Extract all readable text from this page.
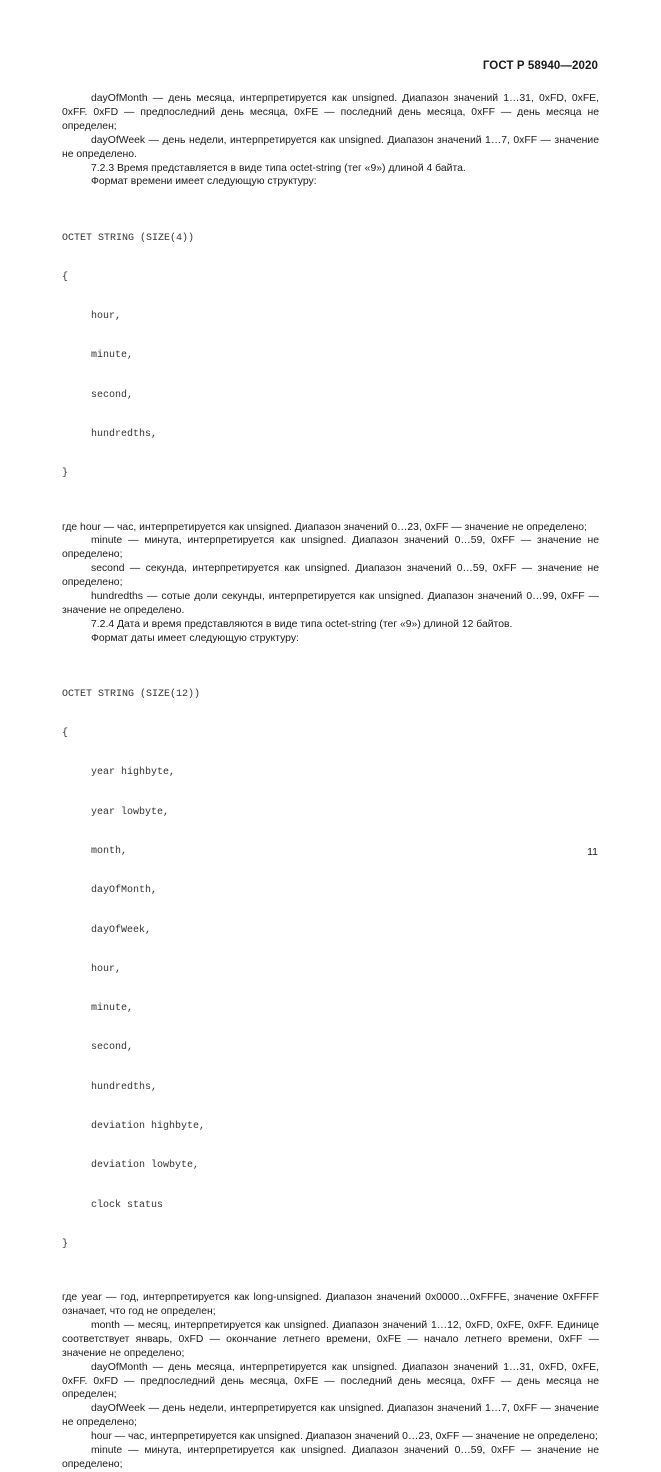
ГОСТ Р 58940—2020

dayOfMonth — день месяца, интерпретируется как unsigned. Диапазон значений 1…31, 0xFD, 0xFE, 0xFF. 0xFD — предпоследний день месяца, 0xFE — последний день месяца, 0xFF — день месяца не определен;

dayOfWeek — день недели, интерпретируется как unsigned. Диапазон значений 1…7, 0xFF — значение не определено.

7.2.3 Время представляется в виде типа octet-string (тег «9») длиной 4 байта.

Формат времени имеет следующую структуру:

OCTET STRING (SIZE(4))

{

hour,

minute,

second,

hundredths,

}

где hour — час, интерпретируется как unsigned. Диапазон значений 0…23, 0xFF — значение не определено;

minute — минута, интерпретируется как unsigned. Диапазон значений 0…59, 0xFF — значение не определено;

second — секунда, интерпретируется как unsigned. Диапазон значений 0…59, 0xFF — значение не определено;

hundredths — сотые доли секунды, интерпретируется как unsigned. Диапазон значений 0…99, 0xFF — значение не определено.

7.2.4 Дата и время представляются в виде типа octet-string (тег «9») длиной 12 байтов.

Формат даты имеет следующую структуру:

OCTET STRING (SIZE(12))

{

year highbyte,

year lowbyte,

month,

dayOfMonth,

dayOfWeek,

hour,

minute,

second,

hundredths,

deviation highbyte,

deviation lowbyte,

clock status

}

где year — год, интерпретируется как long-unsigned. Диапазон значений 0x0000…0xFFFE, значение 0xFFFF означает, что год не определен;

month — месяц, интерпретируется как unsigned. Диапазон значений 1…12, 0xFD, 0xFE, 0xFF. Единице соответствует январь, 0xFD — окончание летнего времени, 0xFE — начало летнего времени, 0xFF — значение не определено;

dayOfMonth — день месяца, интерпретируется как unsigned. Диапазон значений 1…31, 0xFD, 0xFE, 0xFF. 0xFD — предпоследний день месяца, 0xFE — последний день месяца, 0xFF — день месяца не определен;

dayOfWeek — день недели, интерпретируется как unsigned. Диапазон значений 1…7, 0xFF — значение не определено;

hour — час, интерпретируется как unsigned. Диапазон значений 0…23, 0xFF — значение не определено;

minute — минута, интерпретируется как unsigned. Диапазон значений 0…59, 0xFF — значение не определено;

11
